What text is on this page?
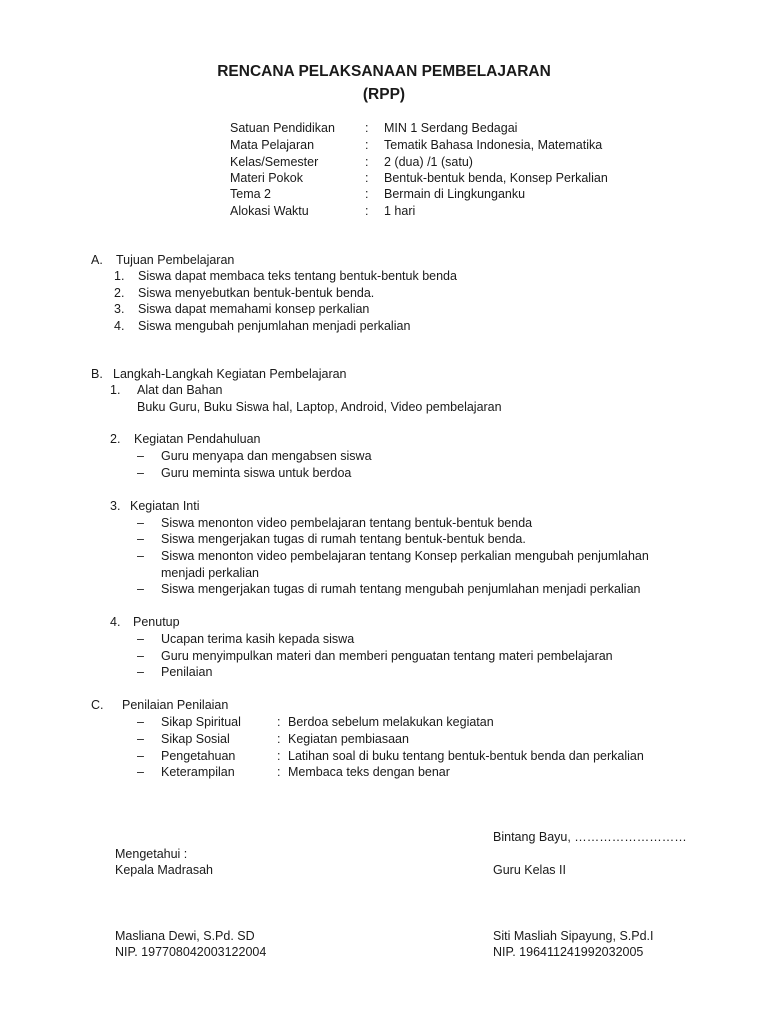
RENCANA PELAKSANAAN PEMBELAJARAN
(RPP)
Satuan Pendidikan : MIN 1 Serdang Bedagai
Mata Pelajaran	: Tematik Bahasa Indonesia, Matematika
Kelas/Semester	: 2 (dua) /1 (satu)
Materi Pokok	: Bentuk-bentuk benda, Konsep Perkalian
Tema 2	: Bermain di Lingkunganku
Alokasi Waktu	: 1 hari
A. Tujuan Pembelajaran
1. Siswa dapat membaca teks tentang bentuk-bentuk benda
2. Siswa menyebutkan bentuk-bentuk benda.
3. Siswa dapat memahami konsep perkalian
4. Siswa mengubah penjumlahan menjadi perkalian
B. Langkah-Langkah Kegiatan Pembelajaran
1. Alat dan Bahan
Buku Guru, Buku Siswa hal, Laptop, Android, Video pembelajaran
2. Kegiatan Pendahuluan
– Guru menyapa dan mengabsen siswa
– Guru meminta siswa untuk berdoa
3. Kegiatan Inti
– Siswa menonton video pembelajaran tentang bentuk-bentuk benda
– Siswa mengerjakan tugas di rumah tentang bentuk-bentuk benda.
– Siswa menonton video pembelajaran tentang Konsep perkalian mengubah penjumlahan
menjadi perkalian
– Siswa mengerjakan tugas di rumah tentang mengubah penjumlahan menjadi perkalian
4. Penutup
– Ucapan terima kasih kepada siswa
– Guru menyimpulkan materi dan memberi penguatan tentang materi pembelajaran
– Penilaian
C. Penilaian Penilaian
– Sikap Spiritual	: Berdoa sebelum melakukan kegiatan
– Sikap Sosial	: Kegiatan pembiasaan
– Pengetahuan	: Latihan soal di buku tentang bentuk-bentuk benda dan perkalian
– Keterampilan	: Membaca teks dengan benar
Bintang Bayu, ………………………
Mengetahui :
Kepala Madrasah	Guru Kelas II
Masliana Dewi, S.Pd. SD
NIP. 197708042003122004
Siti Masliah Sipayung, S.Pd.I
NIP. 196411241992032005
